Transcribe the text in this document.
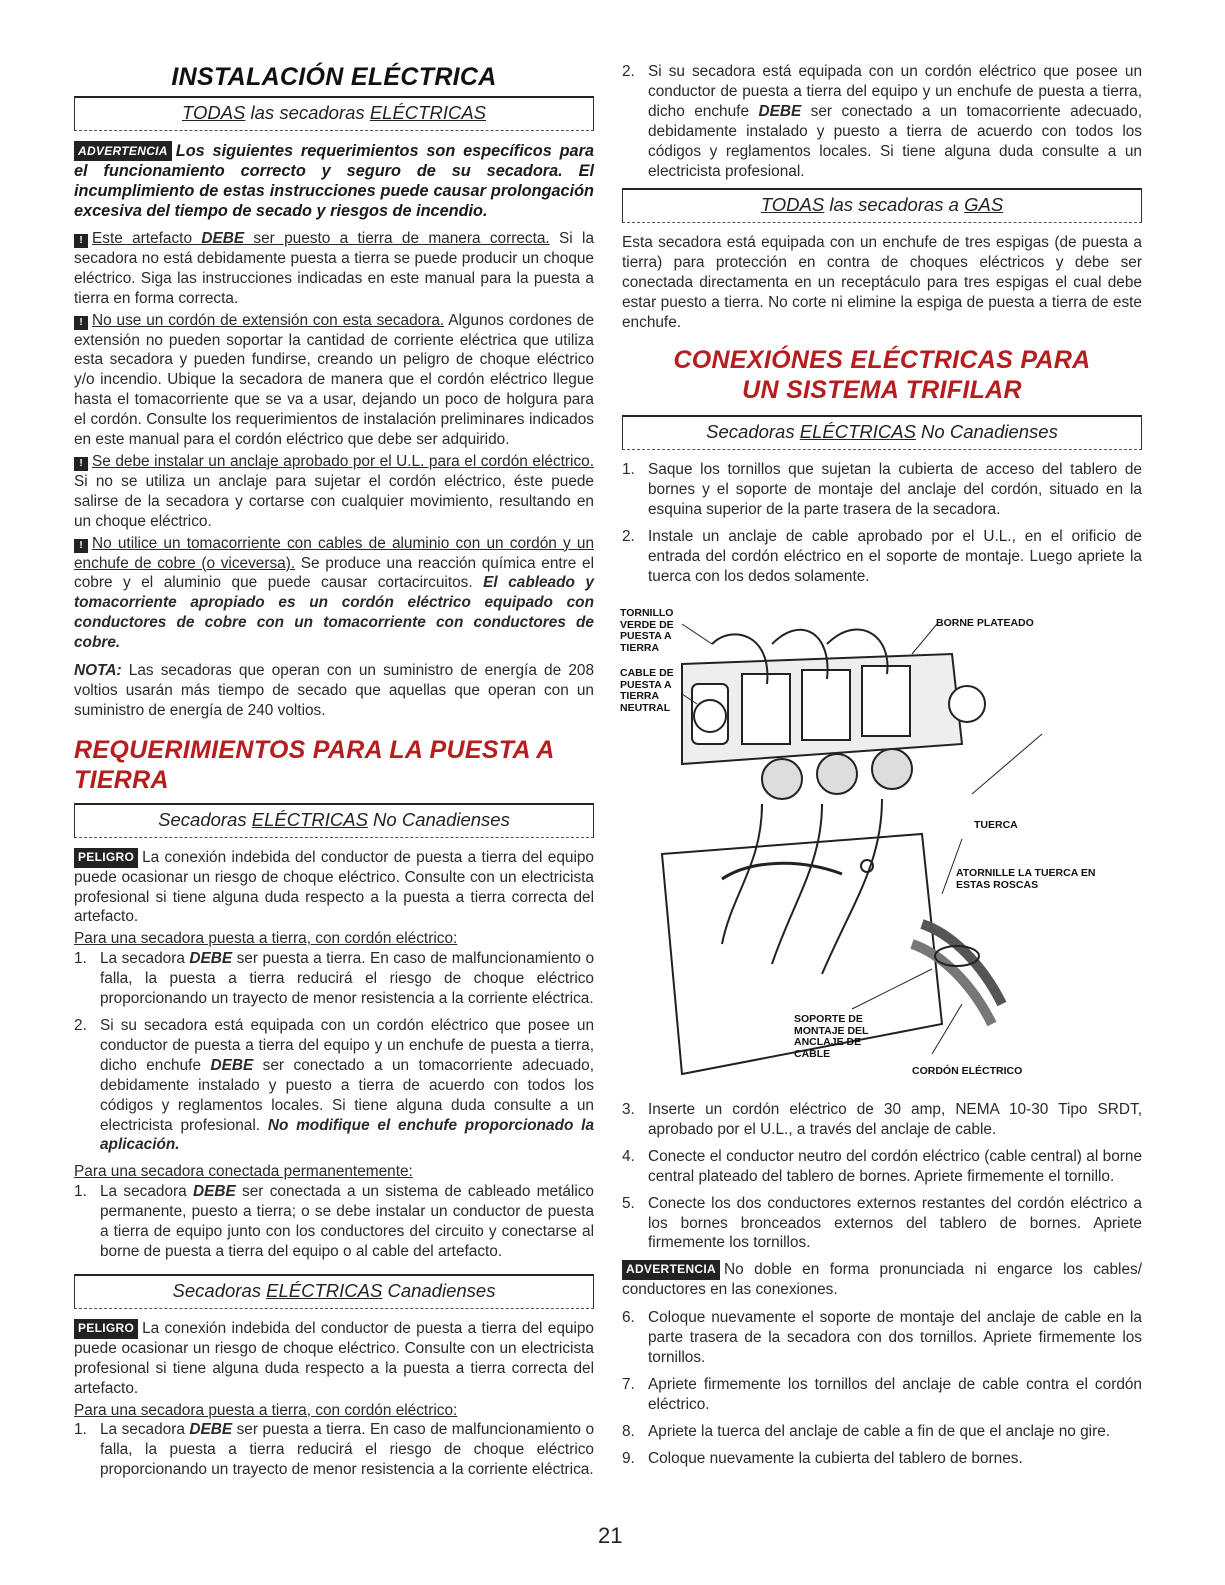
INSTALACIÓN ELÉCTRICA
TODAS las secadoras ELÉCTRICAS

ADVERTENCIA Los siguientes requerimientos son específicos para el funcionamiento correcto y seguro de su secadora. El incumplimiento de estas instrucciones puede causar prolongación excesiva del tiempo de secado y riesgos de incendio.

! Este artefacto DEBE ser puesto a tierra de manera correcta. Si la secadora no está debidamente puesta a tierra se puede producir un choque eléctrico. Siga las instrucciones indicadas en este manual para la puesta a tierra en forma correcta.

! No use un cordón de extensión con esta secadora. Algunos cordones de extensión no pueden soportar la cantidad de corriente eléctrica que utiliza esta secadora y pueden fundirse, creando un peligro de choque eléctrico y/o incendio. Ubique la secadora de manera que el cordón eléctrico llegue hasta el tomacorriente que se va a usar, dejando un poco de holgura para el cordón. Consulte los requerimientos de instalación preliminares indicados en este manual para el cordón eléctrico que debe ser adquirido.

! Se debe instalar un anclaje aprobado por el U.L. para el cordón eléctrico. Si no se utiliza un anclaje para sujetar el cordón eléctrico, éste puede salirse de la secadora y cortarse con cualquier movimiento, resultando en un choque eléctrico.

! No utilice un tomacorriente con cables de aluminio con un cordón y un enchufe de cobre (o viceversa). Se produce una reacción química entre el cobre y el aluminio que puede causar cortacircuitos. El cableado y tomacorriente apropiado es un cordón eléctrico equipado con conductores de cobre con un tomacorriente con conductores de cobre.

NOTA: Las secadoras que operan con un suministro de energía de 208 voltios usarán más tiempo de secado que aquellas que operan con un suministro de energía de 240 voltios.

REQUERIMIENTOS PARA LA PUESTA A TIERRA
Secadoras ELÉCTRICAS No Canadienses

PELIGRO La conexión indebida del conductor de puesta a tierra del equipo puede ocasionar un riesgo de choque eléctrico. Consulte con un electricista profesional si tiene alguna duda respecto a la puesta a tierra correcta del artefacto.

Para una secadora puesta a tierra, con cordón eléctrico:

1. La secadora DEBE ser puesta a tierra. En caso de malfuncionamiento o falla, la puesta a tierra reducirá el riesgo de choque eléctrico proporcionando un trayecto de menor resistencia a la corriente eléctrica.
2. Si su secadora está equipada con un cordón eléctrico que posee un conductor de puesta a tierra del equipo y un enchufe de puesta a tierra, dicho enchufe DEBE ser conectado a un tomacorriente adecuado, debidamente instalado y puesto a tierra de acuerdo con todos los códigos y reglamentos locales. Si tiene alguna duda consulte a un electricista profesional. No modifique el enchufe proporcionado la aplicación.

Para una secadora conectada permanentemente:

1. La secadora DEBE ser conectada a un sistema de cableado metálico permanente, puesto a tierra; o se debe instalar un conductor de puesta a tierra de equipo junto con los conductores del circuito y conectarse al borne de puesta a tierra del equipo o al cable del artefacto.
Secadoras ELÉCTRICAS Canadienses

PELIGRO La conexión indebida del conductor de puesta a tierra del equipo puede ocasionar un riesgo de choque eléctrico. Consulte con un electricista profesional si tiene alguna duda respecto a la puesta a tierra correcta del artefacto.

Para una secadora puesta a tierra, con cordón eléctrico:

1. La secadora DEBE ser puesta a tierra. En caso de malfuncionamiento o falla, la puesta a tierra reducirá el riesgo de choque eléctrico proporcionando un trayecto de menor resistencia a la corriente eléctrica.
2. Si su secadora está equipada con un cordón eléctrico que posee un conductor de puesta a tierra del equipo y un enchufe de puesta a tierra, dicho enchufe DEBE ser conectado a un tomacorriente adecuado, debidamente instalado y puesto a tierra de acuerdo con todos los códigos y reglamentos locales. Si tiene alguna duda consulte a un electricista profesional.
TODAS las secadoras a GAS

Esta secadora está equipada con un enchufe de tres espigas (de puesta a tierra) para protección en contra de choques eléctricos y debe ser conectada directamenta en un receptáculo para tres espigas el cual debe estar puesto a tierra. No corte ni elimine la espiga de puesta a tierra de este enchufe.

CONEXIÓNES ELÉCTRICAS PARA
UN SISTEMA TRIFILAR
Secadoras ELÉCTRICAS No Canadienses
1. Saque los tornillos que sujetan la cubierta de acceso del tablero de bornes y el soporte de montaje del anclaje del cordón, situado en la esquina superior de la parte trasera de la secadora.
2. Instale un anclaje de cable aprobado por el U.L., en el orificio de entrada del cordón eléctrico en el soporte de montaje. Luego apriete la tuerca con los dedos solamente.
TORNILLO VERDE DE PUESTA A TIERRA
CABLE DE PUESTA A TIERRA NEUTRAL
BORNE PLATEADO
TUERCA
ATORNILLE LA TUERCA EN ESTAS ROSCAS
SOPORTE DE MONTAJE DEL ANCLAJE DE CABLE
CORDÓN ELÉCTRICO
3. Inserte un cordón eléctrico de 30 amp, NEMA 10-30 Tipo SRDT, aprobado por el U.L., a través del anclaje de cable.
4. Conecte el conductor neutro del cordón eléctrico (cable central) al borne central plateado del tablero de bornes. Apriete firmemente el tornillo.
5. Conecte los dos conductores externos restantes del cordón eléctrico a los bornes bronceados externos del tablero de bornes. Apriete firmemente los tornillos.

ADVERTENCIA No doble en forma pronunciada ni engarce los cables/ conductores en las conexiones.

6. Coloque nuevamente el soporte de montaje del anclaje de cable en la parte trasera de la secadora con dos tornillos. Apriete firmemente los tornillos.
7. Apriete firmemente los tornillos del anclaje de cable contra el cordón eléctrico.
8. Apriete la tuerca del anclaje de cable a fin de que el anclaje no gire.
9. Coloque nuevamente la cubierta del tablero de bornes.
21
